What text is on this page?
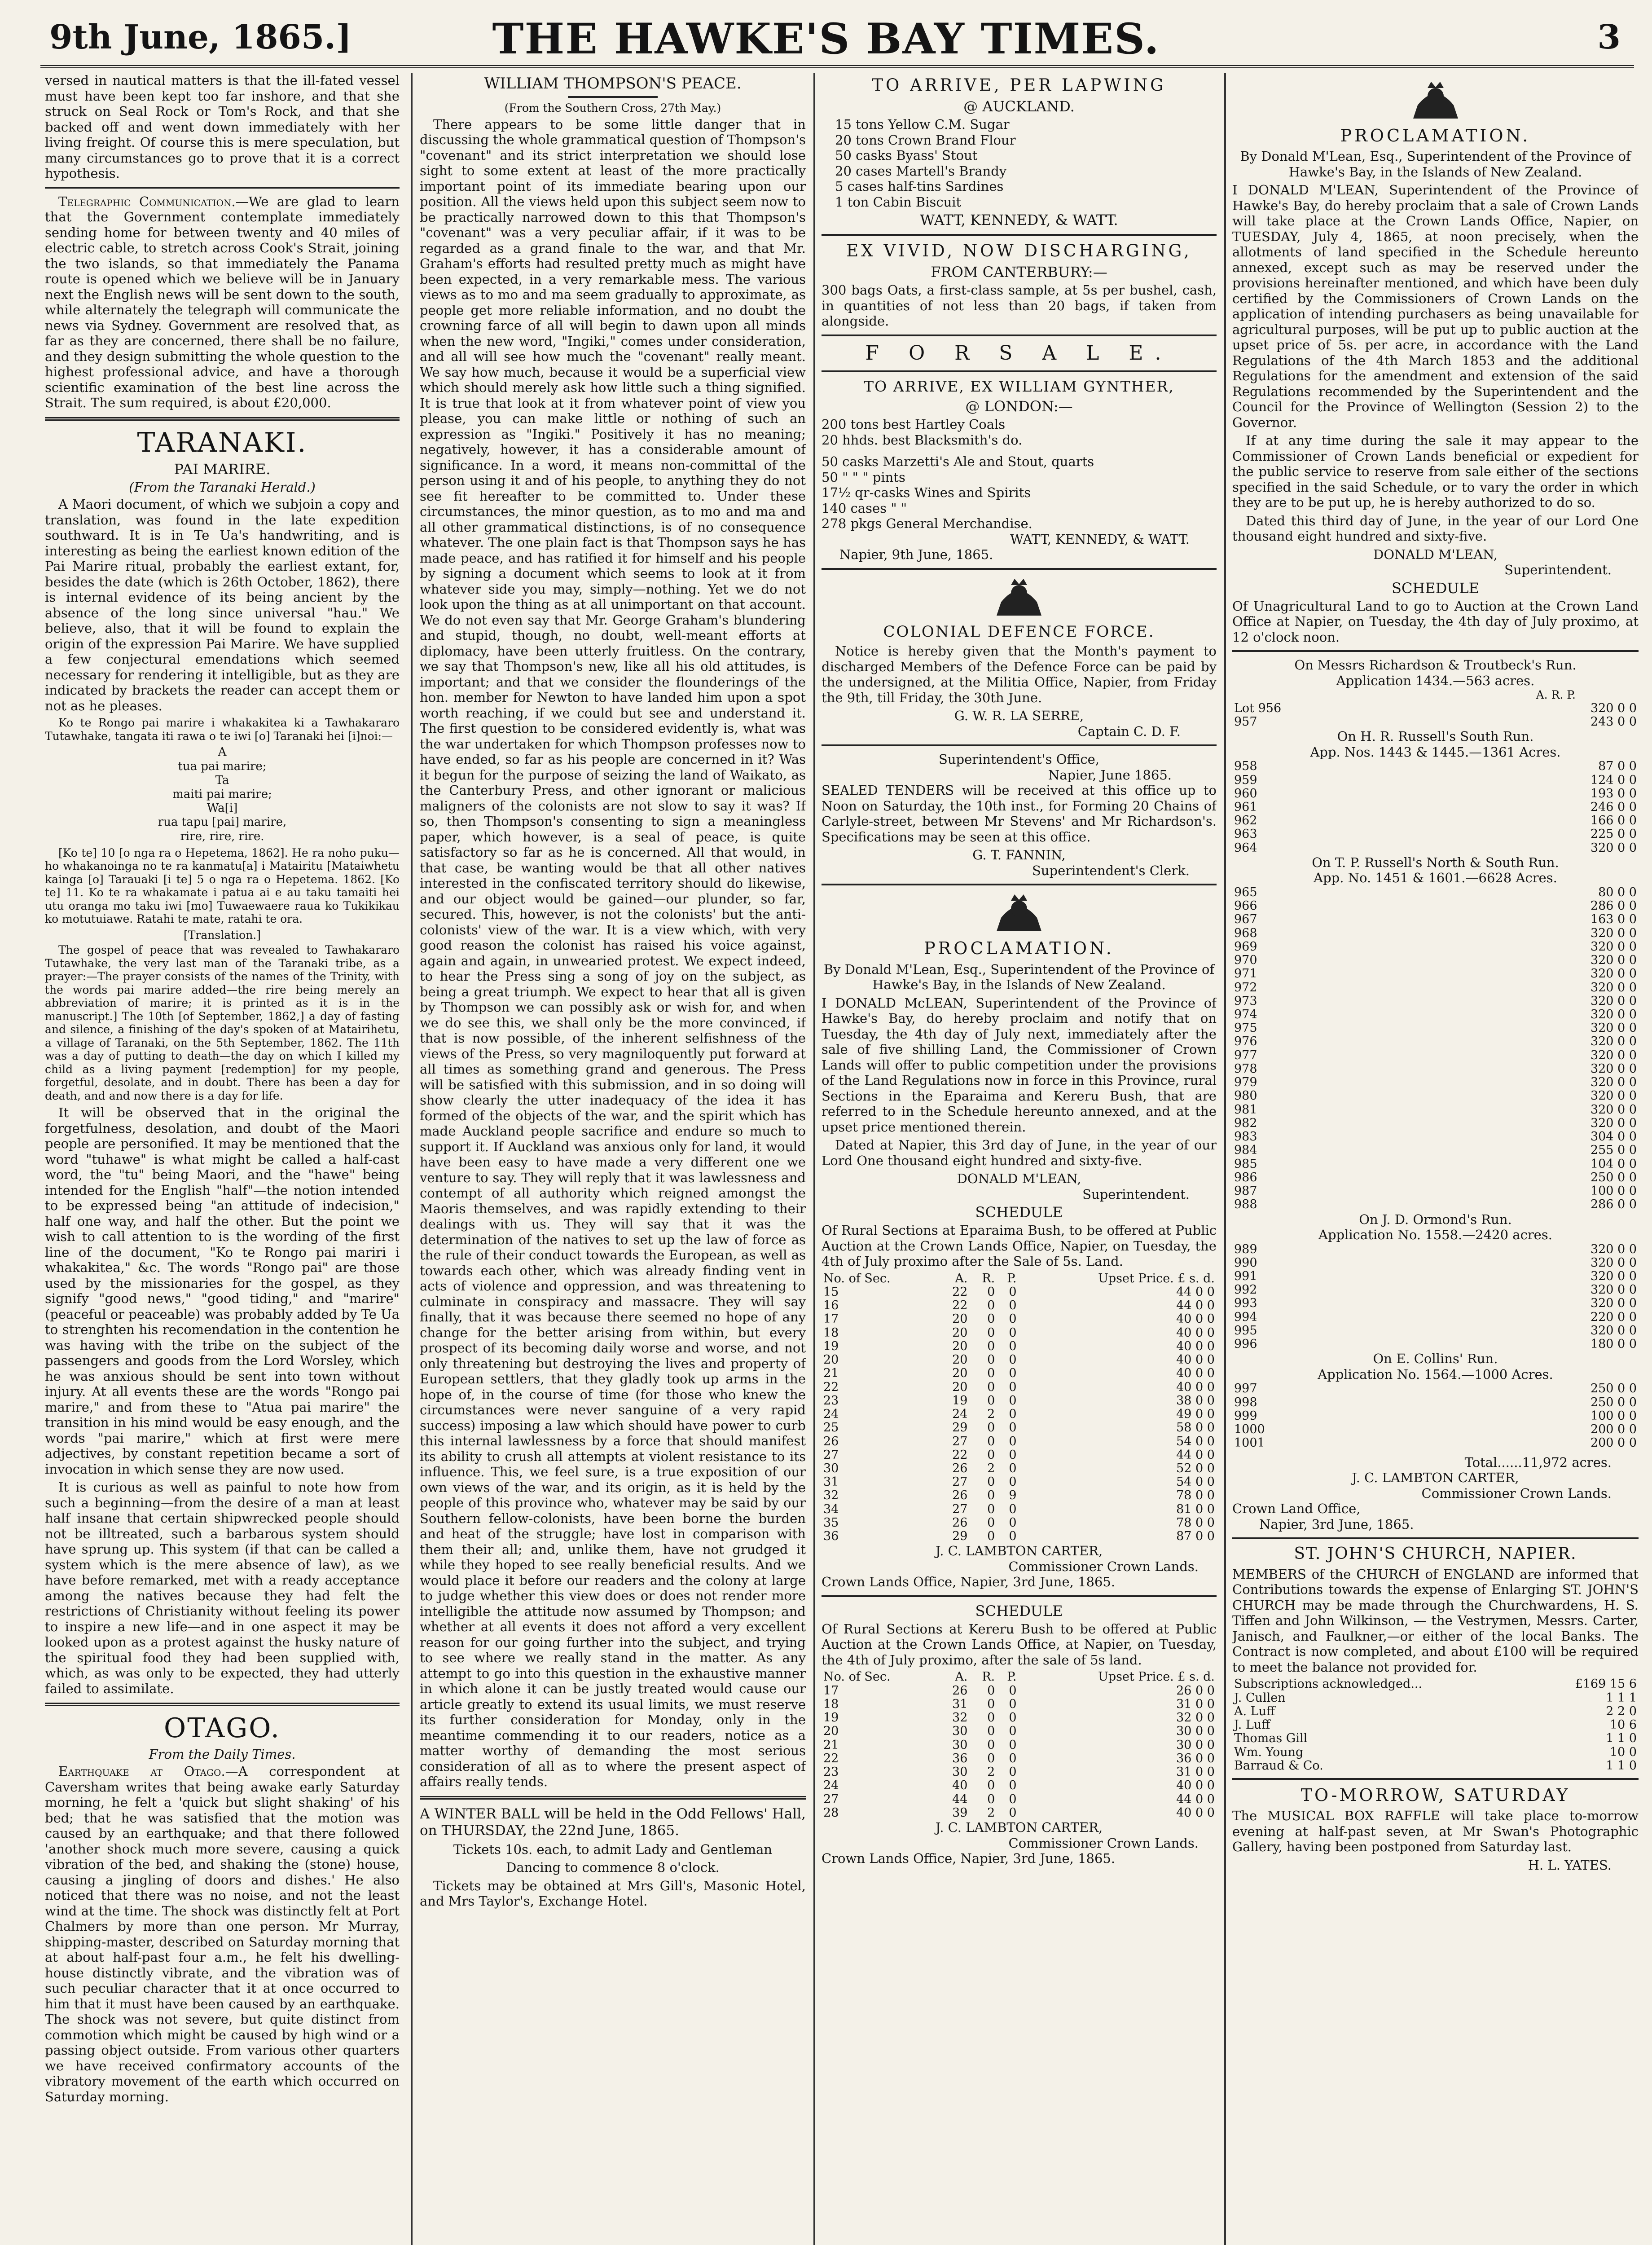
9th June, 1865.]	THE HAWKE'S BAY TIMES.	3

versed in nautical matters is that the ill-fated vessel must have been kept too far inshore, and that she struck on Seal Rock or Tom's Rock, and that she backed off and went down immediately with her living freight. Of course this is mere speculation, but many circumstances go to prove that it is a correct hypothesis.

Telegraphic Communication.—We are glad to learn that the Government contemplate immediately sending home for between twenty and 40 miles of electric cable, to stretch across Cook's Strait, joining the two islands, so that immediately the Panama route is opened which we believe will be in January next the English news will be sent down to the south, while alternately the telegraph will communicate the news via Sydney. Government are resolved that, as far as they are concerned, there shall be no failure, and they design submitting the whole question to the highest professional advice, and have a thorough scientific examination of the best line across the Strait. The sum required, is about £20,000.

TARANAKI.
PAI MARIRE.
(From the Taranaki Herald.)

A Maori document, of which we subjoin a copy and translation, was found in the late expedition southward. It is in Te Ua's handwriting, and is interesting as being the earliest known edition of the Pai Marire ritual, probably the earliest extant, for, besides the date (which is 26th October, 1862), there is internal evidence of its being ancient by the absence of the long since universal "hau." We believe, also, that it will be found to explain the origin of the expression Pai Marire. We have supplied a few conjectural emendations which seemed necessary for rendering it intelligible, but as they are indicated by brackets the reader can accept them or not as he pleases.

Ko te Rongo pai marire i whakakitea ki a Tawhakararo Tutawhake, tangata iti rawa o te iwi [o] Taranaki hei [i]noi:—

A
tua pai marire;
Ta
maiti pai marire;
Wa[i]
rua tapu [pai] marire,
rire, rire, rire.

[Ko te] 10 [o nga ra o Hepetema, 1862]. He ra noho puku—ho whakanoinga no te ra kanmatu[a] i Matairitu [Mataiwhetu kainga [o] Tarauaki [i te] 5 o nga ra o Hepetema. 1862. [Ko te] 11. Ko te ra whakamate i patua ai e au taku tamaiti hei utu oranga mo taku iwi [mo] Tuwaewaere raua ko Tukikikau ko motutuiawe. Ratahi te mate, ratahi te ora.

[Translation.]

The gospel of peace that was revealed to Tawhakararo Tutawhake, the very last man of the Taranaki tribe, as a prayer:—The prayer consists of the names of the Trinity, with the words pai marire added—the rire being merely an abbreviation of marire; it is printed as it is in the manuscript.] The 10th [of September, 1862,] a day of fasting and silence, a finishing of the day's spoken of at Matairihetu, a village of Taranaki, on the 5th September, 1862. The 11th was a day of putting to death—the day on which I killed my child as a living payment [redemption] for my people, forgetful, desolate, and in doubt. There has been a day for death, and and now there is a day for life.

It will be observed that in the original the forgetfulness, desolation, and doubt of the Maori people are personified. It may be mentioned that the word "tuhawe" is what might be called a half-cast word, the "tu" being Maori, and the "hawe" being intended for the English "half"—the notion intended to be expressed being "an attitude of indecision," half one way, and half the other. But the point we wish to call attention to is the wording of the first line of the document, "Ko te Rongo pai mariri i whakakitea," &c. The words "Rongo pai" are those used by the missionaries for the gospel, as they signify "good news," "good tiding," and "marire" (peaceful or peaceable) was probably added by Te Ua to strenghten his recomendation in the contention he was having with the tribe on the subject of the passengers and goods from the Lord Worsley, which he was anxious should be sent into town without injury. At all events these are the words "Rongo pai marire," and from these to "Atua pai marire" the transition in his mind would be easy enough, and the words "pai marire," which at first were mere adjectives, by constant repetition became a sort of invocation in which sense they are now used.

It is curious as well as painful to note how from such a beginning—from the desire of a man at least half insane that certain shipwrecked people should not be illtreated, such a barbarous system should have sprung up. This system (if that can be called a system which is the mere absence of law), as we have before remarked, met with a ready acceptance among the natives because they had felt the restrictions of Christianity without feeling its power to inspire a new life—and in one aspect it may be looked upon as a protest against the husky nature of the spiritual food they had been supplied with, which, as was only to be expected, they had utterly failed to assimilate.

OTAGO.
From the Daily Times.

Earthquake at Otago.—A correspondent at Caversham writes that being awake early Saturday morning, he felt a 'quick but slight shaking' of his bed; that he was satisfied that the motion was caused by an earthquake; and that there followed 'another shock much more severe, causing a quick vibration of the bed, and shaking the (stone) house, causing a jingling of doors and dishes.' He also noticed that there was no noise, and not the least wind at the time. The shock was distinctly felt at Port Chalmers by more than one person. Mr Murray, shipping-master, described on Saturday morning that at about half-past four a.m., he felt his dwelling-house distinctly vibrate, and the vibration was of such peculiar character that it at once occurred to him that it must have been caused by an earthquake. The shock was not severe, but quite distinct from commotion which might be caused by high wind or a passing object outside. From various other quarters we have received confirmatory accounts of the vibratory movement of the earth which occurred on Saturday morning.

WILLIAM THOMPSON'S PEACE.
(From the Southern Cross, 27th May.)

There appears to be some little danger that in discussing the whole grammatical question of Thompson's "covenant" and its strict interpretation we should lose sight to some extent at least of the more practically important point of its immediate bearing upon our position. All the views held upon this subject seem now to be practically narrowed down to this that Thompson's "covenant" was a very peculiar affair, if it was to be regarded as a grand finale to the war, and that Mr. Graham's efforts had resulted pretty much as might have been expected, in a very remarkable mess. The various views as to mo and ma seem gradually to approximate, as people get more reliable information, and no doubt the crowning farce of all will begin to dawn upon all minds when the new word, "Ingiki," comes under consideration, and all will see how much the "covenant" really meant. We say how much, because it would be a superficial view which should merely ask how little such a thing signified. It is true that look at it from whatever point of view you please, you can make little or nothing of such an expression as "Ingiki." Positively it has no meaning; negatively, however, it has a considerable amount of significance. In a word, it means non-committal of the person using it and of his people, to anything they do not see fit hereafter to be committed to. Under these circumstances, the minor question, as to mo and ma and all other grammatical distinctions, is of no consequence whatever. The one plain fact is that Thompson says he has made peace, and has ratified it for himself and his people by signing a document which seems to look at it from whatever side you may, simply—nothing. Yet we do not look upon the thing as at all unimportant on that account. We do not even say that Mr. George Graham's blundering and stupid, though, no doubt, well-meant efforts at diplomacy, have been utterly fruitless. On the contrary, we say that Thompson's new, like all his old attitudes, is important; and that we consider the flounderings of the hon. member for Newton to have landed him upon a spot worth reaching, if we could but see and understand it. The first question to be considered evidently is, what was the war undertaken for which Thompson professes now to have ended, so far as his people are concerned in it? Was it begun for the purpose of seizing the land of Waikato, as the Canterbury Press, and other ignorant or malicious maligners of the colonists are not slow to say it was? If so, then Thompson's consenting to sign a meaningless paper, which however, is a seal of peace, is quite satisfactory so far as he is concerned. All that would, in that case, be wanting would be that all other natives interested in the confiscated territory should do likewise, and our object would be gained—our plunder, so far, secured. This, however, is not the colonists' but the anti-colonists' view of the war. It is a view which, with very good reason the colonist has raised his voice against, again and again, in unwearied protest. We expect indeed, to hear the Press sing a song of joy on the subject, as being a great triumph. We expect to hear that all is given by Thompson we can possibly ask or wish for, and when we do see this, we shall only be the more convinced, if that is now possible, of the inherent selfishness of the views of the Press, so very magniloquently put forward at all times as something grand and generous. The Press will be satisfied with this submission, and in so doing will show clearly the utter inadequacy of the idea it has formed of the objects of the war, and the spirit which has made Auckland people sacrifice and endure so much to support it. If Auckland was anxious only for land, it would have been easy to have made a very different one we venture to say. They will reply that it was lawlessness and contempt of all authority which reigned amongst the Maoris themselves, and was rapidly extending to their dealings with us. They will say that it was the determination of the natives to set up the law of force as the rule of their conduct towards the European, as well as towards each other, which was already finding vent in acts of violence and oppression, and was threatening to culminate in conspiracy and massacre. They will say finally, that it was because there seemed no hope of any change for the better arising from within, but every prospect of its becoming daily worse and worse, and not only threatening but destroying the lives and property of European settlers, that they gladly took up arms in the hope of, in the course of time (for those who knew the circumstances were never sanguine of a very rapid success) imposing a law which should have power to curb this internal lawlessness by a force that should manifest its ability to crush all attempts at violent resistance to its influence. This, we feel sure, is a true exposition of our own views of the war, and its origin, as it is held by the people of this province who, whatever may be said by our Southern fellow-colonists, have been borne the burden and heat of the struggle; have lost in comparison with them their all; and, unlike them, have not grudged it while they hoped to see really beneficial results. And we would place it before our readers and the colony at large to judge whether this view does or does not render more intelligible the attitude now assumed by Thompson; and whether at all events it does not afford a very excellent reason for our going further into the subject, and trying to see where we really stand in the matter. As any attempt to go into this question in the exhaustive manner in which alone it can be justly treated would cause our article greatly to extend its usual limits, we must reserve its further consideration for Monday, only in the meantime commending it to our readers, notice as a matter worthy of demanding the most serious consideration of all as to where the present aspect of affairs really tends.

A WINTER BALL will be held in the Odd Fellows' Hall, on THURSDAY, the 22nd June, 1865.

Tickets 10s. each, to admit Lady and Gentleman

Dancing to commence 8 o'clock.

Tickets may be obtained at Mrs Gill's, Masonic Hotel, and Mrs Taylor's, Exchange Hotel.

TO ARRIVE, PER LAPWING
@ AUCKLAND.
15 tons Yellow C.M. Sugar
20 tons Crown Brand Flour
50 casks Byass' Stout
20 cases Martell's Brandy
5 cases half-tins Sardines
1 ton Cabin Biscuit
WATT, KENNEDY, & WATT.
EX VIVID, NOW DISCHARGING,
FROM CANTERBURY:—

300 bags Oats, a first-class sample, at 5s per bushel, cash, in quantities of not less than 20 bags, if taken from alongside.

F O R S A L E.
TO ARRIVE, EX WILLIAM GYNTHER,
@ LONDON:—
200 tons best Hartley Coals
20 hhds. best Blacksmith's do.
50 casks Marzetti's Ale and Stout, quarts
50 " " " pints
17½ qr-casks Wines and Spirits
140 cases " "
278 pkgs General Merchandise.
WATT, KENNEDY, & WATT.
Napier, 9th June, 1865.
COLONIAL DEFENCE FORCE.

Notice is hereby given that the Month's payment to discharged Members of the Defence Force can be paid by the undersigned, at the Militia Office, Napier, from Friday the 9th, till Friday, the 30th June.

G. W. R. LA SERRE,
Captain C. D. F.
Superintendent's Office,
Napier, June 1865.

SEALED TENDERS will be received at this office up to Noon on Saturday, the 10th inst., for Forming 20 Chains of Carlyle-street, between Mr Stevens' and Mr Richardson's. Specifications may be seen at this office.

G. T. FANNIN,
Superintendent's Clerk.
PROCLAMATION.

By Donald M'Lean, Esq., Superintendent of the Province of Hawke's Bay, in the Islands of New Zealand.

I DONALD McLEAN, Superintendent of the Province of Hawke's Bay, do hereby proclaim and notify that on Tuesday, the 4th day of July next, immediately after the sale of five shilling Land, the Commissioner of Crown Lands will offer to public competition under the provisions of the Land Regulations now in force in this Province, rural Sections in the Eparaima and Kereru Bush, that are referred to in the Schedule hereunto annexed, and at the upset price mentioned therein.

Dated at Napier, this 3rd day of June, in the year of our Lord One thousand eight hundred and sixty-five.

DONALD M'LEAN,
Superintendent.
SCHEDULE

Of Rural Sections at Eparaima Bush, to be offered at Public Auction at the Crown Lands Office, Napier, on Tuesday, the 4th of July proximo after the Sale of 5s. Land.

No. of Sec.	A.	R.	P.	Upset Price. £ s. d.
15	22	0	0	44 0 0
16	22	0	0	44 0 0
17	20	0	0	40 0 0
18	20	0	0	40 0 0
19	20	0	0	40 0 0
20	20	0	0	40 0 0
21	20	0	0	40 0 0
22	20	0	0	40 0 0
23	19	0	0	38 0 0
24	24	2	0	49 0 0
25	29	0	0	58 0 0
26	27	0	0	54 0 0
27	22	0	0	44 0 0
30	26	2	0	52 0 0
31	27	0	0	54 0 0
32	26	0	9	78 0 0
34	27	0	0	81 0 0
35	26	0	0	78 0 0
36	29	0	0	87 0 0
J. C. LAMBTON CARTER,
Commissioner Crown Lands.
Crown Lands Office, Napier, 3rd June, 1865.
SCHEDULE

Of Rural Sections at Kereru Bush to be offered at Public Auction at the Crown Lands Office, at Napier, on Tuesday, the 4th of July proximo, after the sale of 5s land.

No. of Sec.	A.	R.	P.	Upset Price. £ s. d.
17	26	0	0	26 0 0
18	31	0	0	31 0 0
19	32	0	0	32 0 0
20	30	0	0	30 0 0
21	30	0	0	30 0 0
22	36	0	0	36 0 0
23	30	2	0	31 0 0
24	40	0	0	40 0 0
27	44	0	0	44 0 0
28	39	2	0	40 0 0
J. C. LAMBTON CARTER,
Commissioner Crown Lands.
Crown Lands Office, Napier, 3rd June, 1865.
PROCLAMATION.

By Donald M'Lean, Esq., Superintendent of the Province of Hawke's Bay, in the Islands of New Zealand.

I DONALD M'LEAN, Superintendent of the Province of Hawke's Bay, do hereby proclaim that a sale of Crown Lands will take place at the Crown Lands Office, Napier, on TUESDAY, July 4, 1865, at noon precisely, when the allotments of land specified in the Schedule hereunto annexed, except such as may be reserved under the provisions hereinafter mentioned, and which have been duly certified by the Commissioners of Crown Lands on the application of intending purchasers as being unavailable for agricultural purposes, will be put up to public auction at the upset price of 5s. per acre, in accordance with the Land Regulations of the 4th March 1853 and the additional Regulations for the amendment and extension of the said Regulations recommended by the Superintendent and the Council for the Province of Wellington (Session 2) to the Governor.

If at any time during the sale it may appear to the Commissioner of Crown Lands beneficial or expedient for the public service to reserve from sale either of the sections specified in the said Schedule, or to vary the order in which they are to be put up, he is hereby authorized to do so.

Dated this third day of June, in the year of our Lord One thousand eight hundred and sixty-five.

DONALD M'LEAN,
Superintendent.
SCHEDULE

Of Unagricultural Land to go to Auction at the Crown Land Office at Napier, on Tuesday, the 4th day of July proximo, at 12 o'clock noon.

On Messrs Richardson & Troutbeck's Run.
Application 1434.—563 acres.
A. R. P.
Lot 956	320 0 0
957	243 0 0
On H. R. Russell's South Run.
App. Nos. 1443 & 1445.—1361 Acres.
958	87 0 0
959	124 0 0
960	193 0 0
961	246 0 0
962	166 0 0
963	225 0 0
964	320 0 0
On T. P. Russell's North & South Run.
App. No. 1451 & 1601.—6628 Acres.
965	80 0 0
966	286 0 0
967	163 0 0
968	320 0 0
969	320 0 0
970	320 0 0
971	320 0 0
972	320 0 0
973	320 0 0
974	320 0 0
975	320 0 0
976	320 0 0
977	320 0 0
978	320 0 0
979	320 0 0
980	320 0 0
981	320 0 0
982	320 0 0
983	304 0 0
984	255 0 0
985	104 0 0
986	250 0 0
987	100 0 0
988	286 0 0
On J. D. Ormond's Run.
Application No. 1558.—2420 acres.
989	320 0 0
990	320 0 0
991	320 0 0
992	320 0 0
993	320 0 0
994	220 0 0
995	320 0 0
996	180 0 0
On E. Collins' Run.
Application No. 1564.—1000 Acres.
997	250 0 0
998	250 0 0
999	100 0 0
1000	200 0 0
1001	200 0 0
Total......11,972 acres.
J. C. LAMBTON CARTER,
Commissioner Crown Lands.
Crown Land Office,
Napier, 3rd June, 1865.
ST. JOHN'S CHURCH, NAPIER.

MEMBERS of the CHURCH of ENGLAND are informed that Contributions towards the expense of Enlarging ST. JOHN'S CHURCH may be made through the Churchwardens, H. S. Tiffen and John Wilkinson, — the Vestrymen, Messrs. Carter, Janisch, and Faulkner,—or either of the local Banks. The Contract is now completed, and about £100 will be required to meet the balance not provided for.

Subscriptions acknowledged...	£169 15 6
J. Cullen	1 1 1
A. Luff	2 2 0
J. Luff	10 6
Thomas Gill	1 1 0
Wm. Young	10 0
Barraud & Co.	1 1 0
TO-MORROW, SATURDAY

The MUSICAL BOX RAFFLE will take place to-morrow evening at half-past seven, at Mr Swan's Photographic Gallery, having been postponed from Saturday last.

H. L. YATES.
